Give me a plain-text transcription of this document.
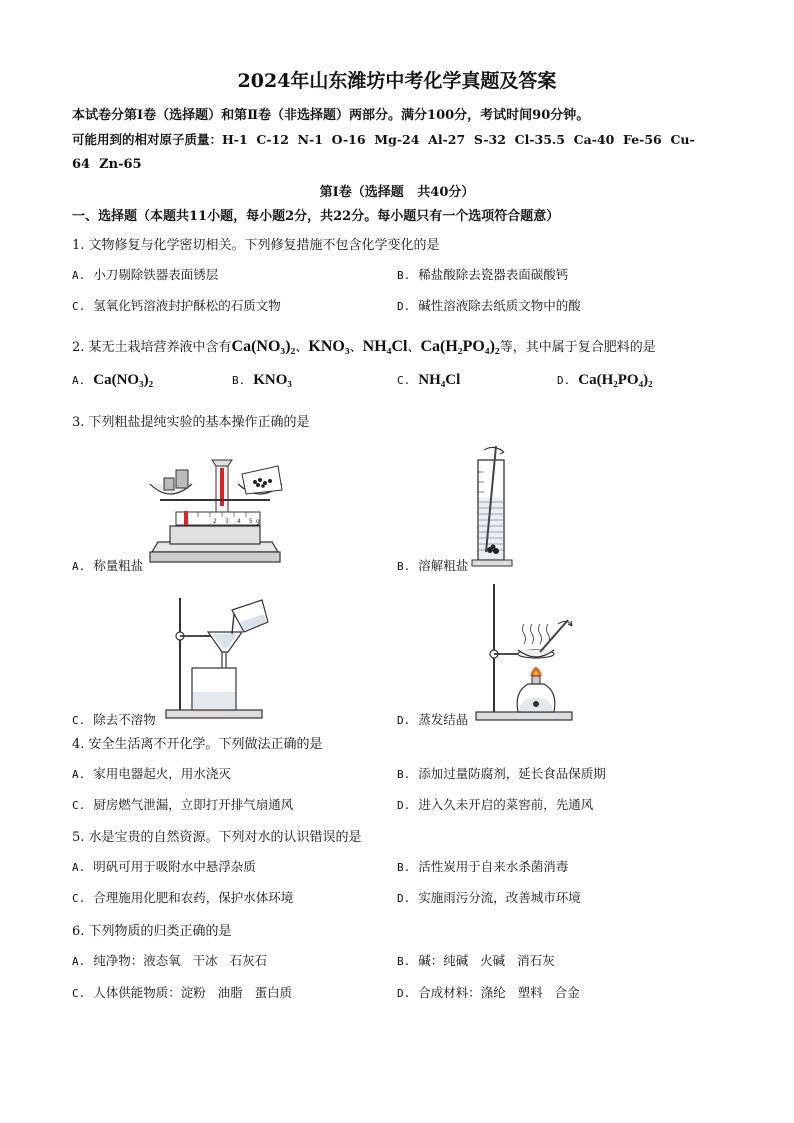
2024年山东潍坊中考化学真题及答案
本试卷分第Ⅰ卷（选择题）和第Ⅱ卷（非选择题）两部分。满分100分，考试时间90分钟。
可能用到的相对原子质量：H-1  C-12  N-1  O-16  Mg-24  Al-27  S-32  Cl-35.5  Ca-40  Fe-56  Cu-
64  Zn-65
第Ⅰ卷（选择题   共40分）
一、选择题（本题共11小题，每小题2分，共22分。每小题只有一个选项符合题意）
1. 文物修复与化学密切相关。下列修复措施不包含化学变化的是
A. 小刀剔除铁器表面锈层	B. 稀盐酸除去瓷器表面碳酸钙
C. 氢氧化钙溶液封护酥松的石质文物	D. 碱性溶液除去纸质文物中的酸
2. 某无土栽培营养液中含有Ca(NO₃)₂、KNO₃、NH₄Cl、Ca(H₂PO₄)₂等，其中属于复合肥料的是
A. Ca(NO₃)₂	B. KNO₃	C. NH₄Cl	D. Ca(H₂PO₄)₂
3. 下列粗盐提纯实验的基本操作正确的是
2 3 4 5 g
A. 称量粗盐	B. 溶解粗盐
C. 除去不溶物	D. 蒸发结晶
4. 安全生活离不开化学。下列做法正确的是
A. 家用电器起火，用水浇灭	B. 添加过量防腐剂，延长食品保质期
C. 厨房燃气泄漏，立即打开排气扇通风	D. 进入久未开启的菜窖前，先通风
5. 水是宝贵的自然资源。下列对水的认识错误的是
A. 明矾可用于吸附水中悬浮杂质	B. 活性炭用于自来水杀菌消毒
C. 合理施用化肥和农药，保护水体环境	D. 实施雨污分流，改善城市环境
6. 下列物质的归类正确的是
A. 纯净物：液态氧   干冰   石灰石	B. 碱：纯碱   火碱   消石灰
C. 人体供能物质：淀粉   油脂   蛋白质	D. 合成材料：涤纶   塑料   合金
